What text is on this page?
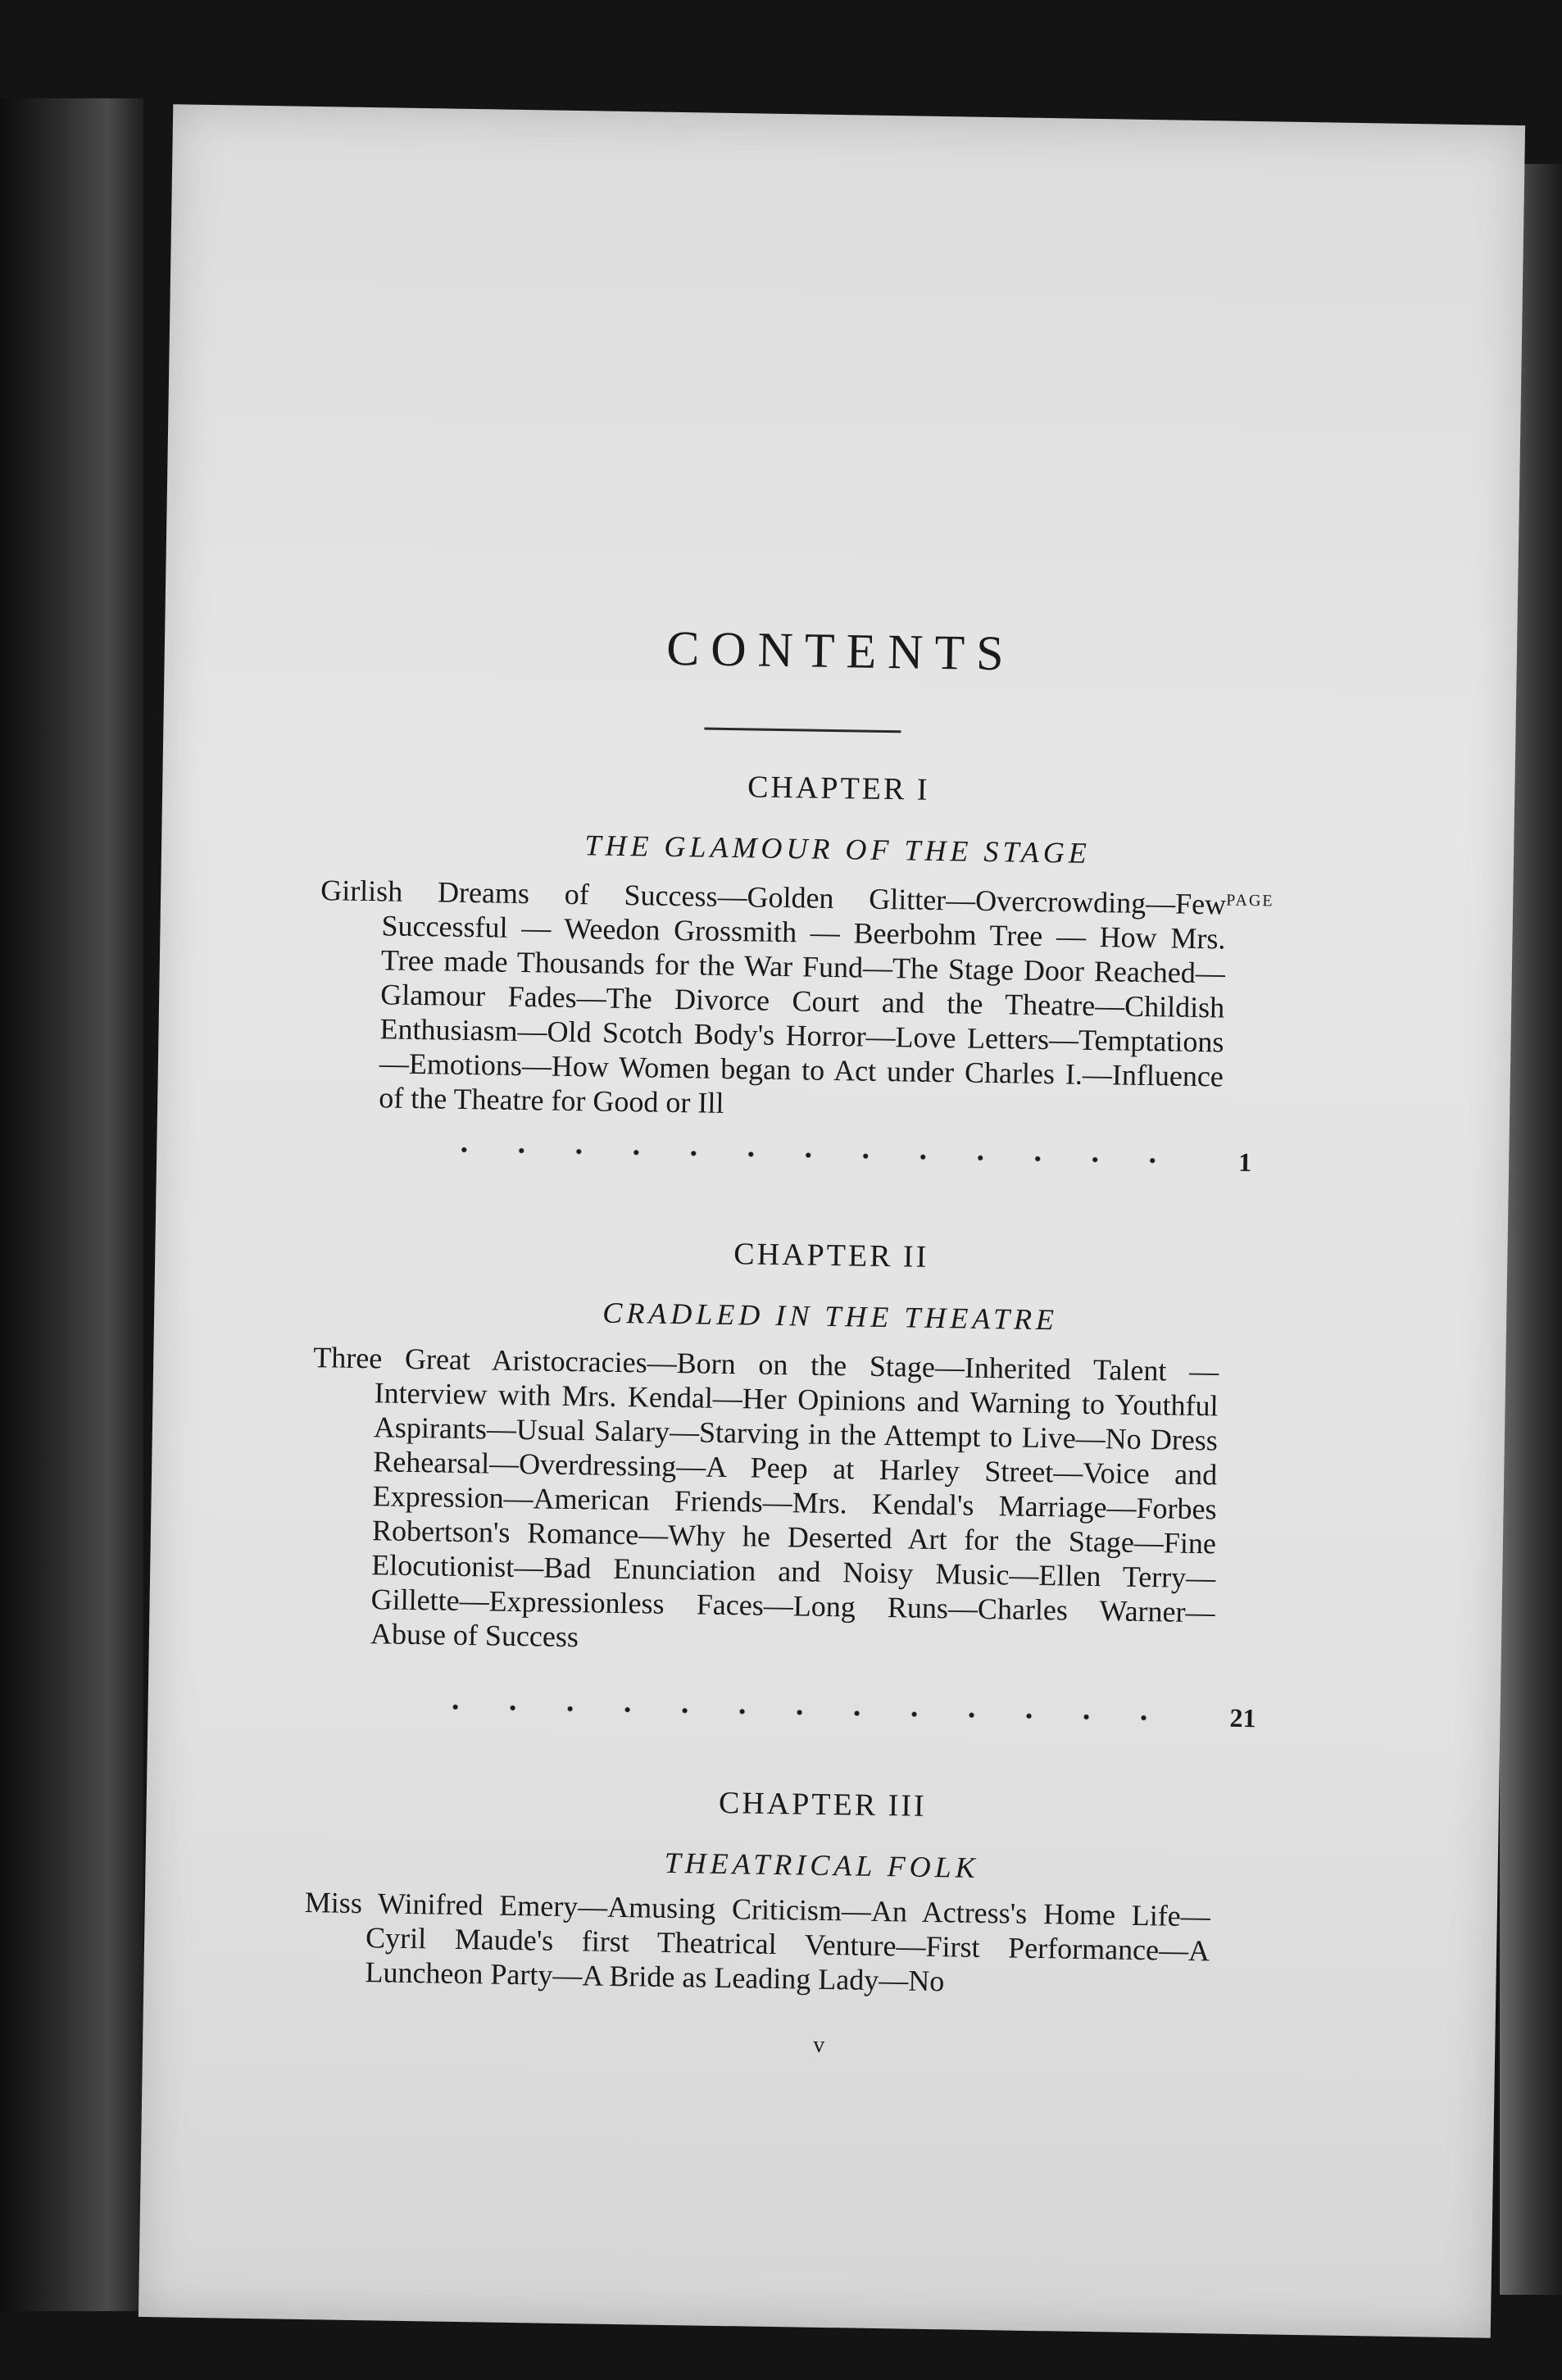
CONTENTS
PAGE
CHAPTER I
THE GLAMOUR OF THE STAGE

Girlish Dreams of Success—Golden Glitter—Overcrowding—Few Successful — Weedon Grossmith — Beerbohm Tree — How Mrs. Tree made Thousands for the War Fund—The Stage Door Reached—Glamour Fades—The Divorce Court and the Theatre—Childish Enthusiasm—Old Scotch Body's Horror—Love Letters—Temptations—Emotions—How Women began to Act under Charles I.—Influence of the Theatre for Good or Ill

1
CHAPTER II
CRADLED IN THE THEATRE

Three Great Aristocracies—Born on the Stage—Inherited Talent —Interview with Mrs. Kendal—Her Opinions and Warning to Youthful Aspirants—Usual Salary—Starving in the Attempt to Live—No Dress Rehearsal—Overdressing—A Peep at Harley Street—Voice and Expression—American Friends—Mrs. Kendal's Marriage—Forbes Robertson's Romance—Why he Deserted Art for the Stage—Fine Elocutionist—Bad Enunciation and Noisy Music—Ellen Terry—Gillette—Expressionless Faces—Long Runs—Charles Warner—Abuse of Success

21
CHAPTER III
THEATRICAL FOLK

Miss Winifred Emery—Amusing Criticism—An Actress's Home Life—Cyril Maude's first Theatrical Venture—First Performance—A Luncheon Party—A Bride as Leading Lady—No

v
